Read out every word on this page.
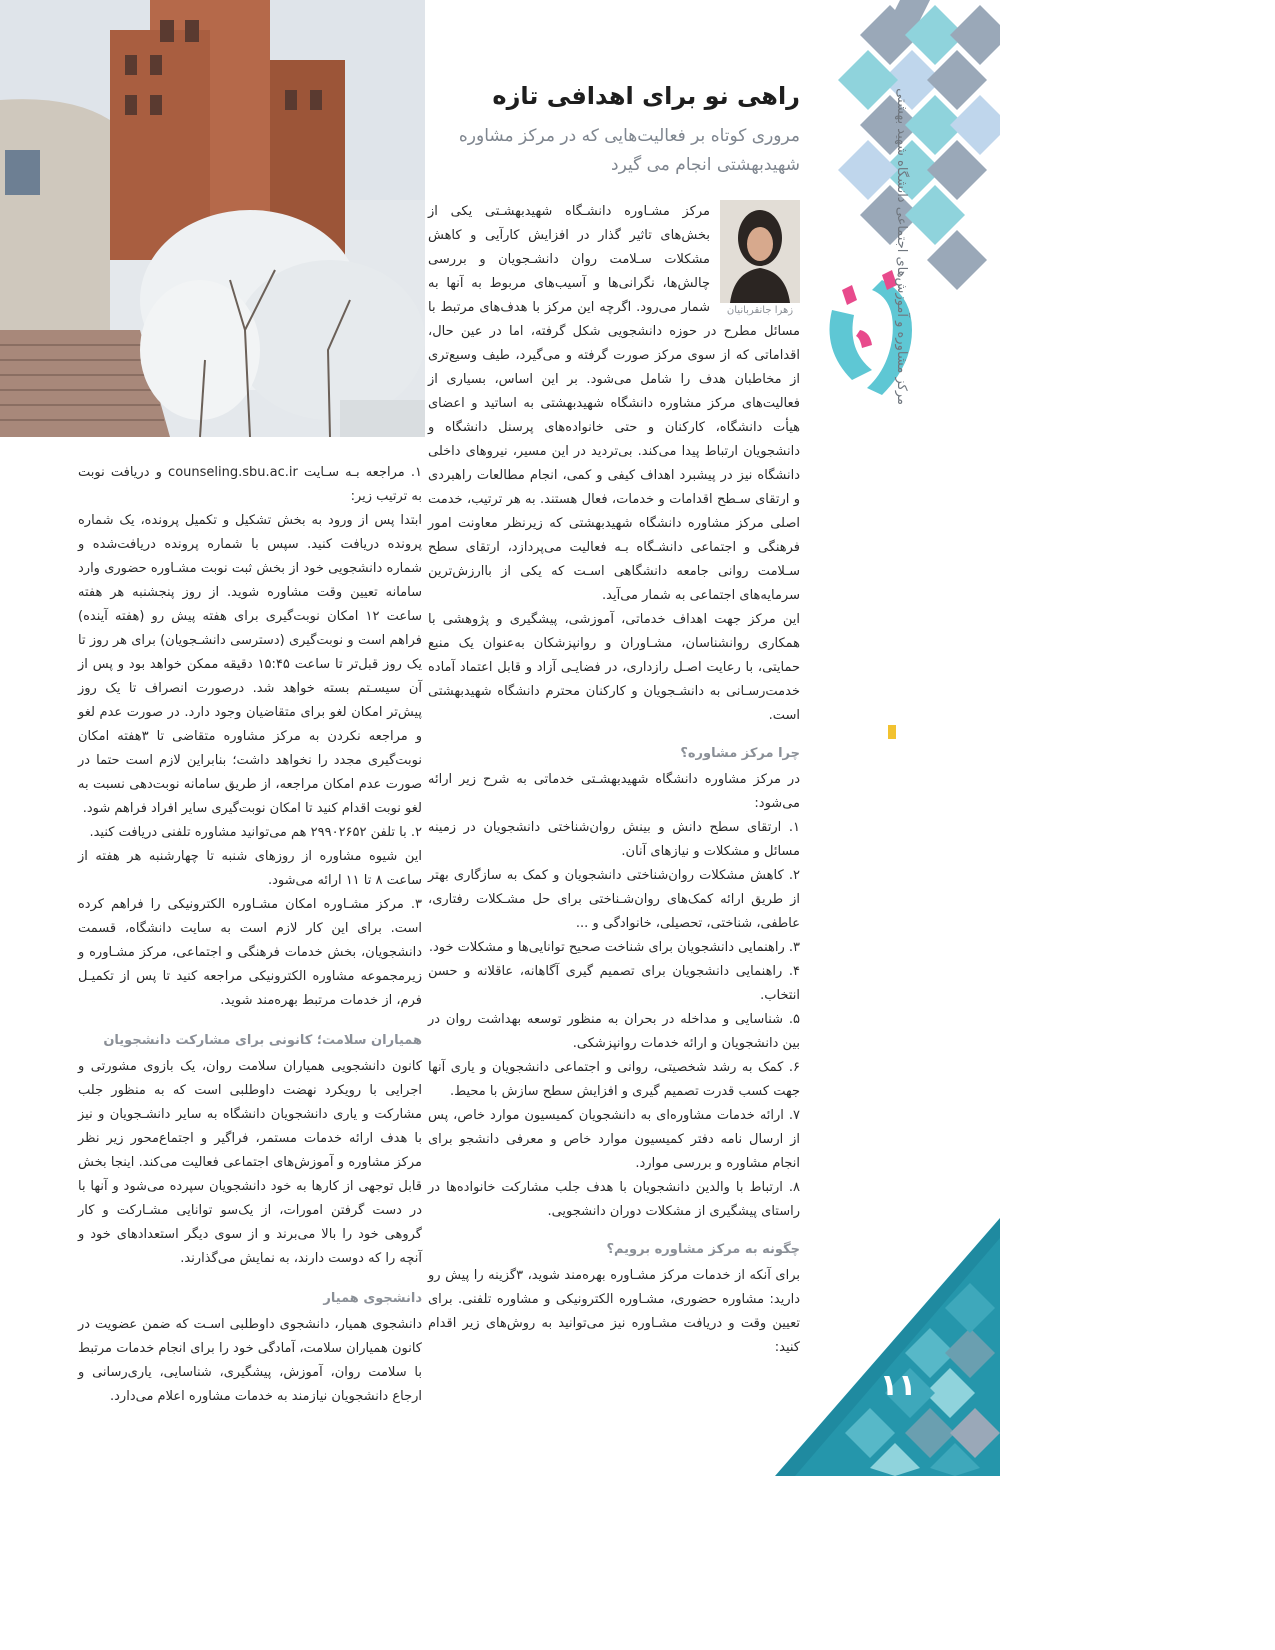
راهی نو برای اهدافی تازه
مروری کوتاه بر فعالیت‌هایی که در مرکز مشاوره
شهیدبهشتی انجام می گیرد
زهرا جانقربانیان

مرکز مشـاوره دانشـگاه شهیدبهشـتی یکی از بخش‌های تاثیر گذار در افزایش کارآیی و کاهش مشکلات سـلامت روان دانشـجویان و بررسی چالش‌ها، نگرانی‌ها و آسیب‌های مربوط به آنها به شمار می‌رود. اگرچه این مرکز با هدف‌های مرتبط با مسائل مطرح در حوزه دانشجویی شکل گرفته، اما در عین حال، اقداماتی که از سوی مرکز صورت گرفته و می‌گیرد، طیف وسیع‌تری از مخاطبان هدف را شامل می‌شود. بر این اساس، بسیاری از فعالیت‌های مرکز مشاوره دانشگاه شهیدبهشتی به اساتید و اعضای هیأت دانشگاه، کارکنان و حتی خانواده‌های پرسنل دانشگاه و دانشجویان ارتباط پیدا می‌کند. بی‌تردید در این مسیر، نیروهای داخلی دانشگاه نیز در پیشبرد اهداف کیفی و کمی، انجام مطالعات راهبردی و ارتقای سـطح اقدامات و خدمات، فعال هستند. به هر ترتیب، خدمت اصلی مرکز مشاوره دانشگاه شهیدبهشتی که زیرنظر معاونت امور فرهنگی و اجتماعی دانشـگاه بـه فعالیت می‌پردازد، ارتقای سطح سـلامت روانی جامعه دانشگاهی اسـت که یکی از باارزش‌ترین سرمایه‌های اجتماعی به شمار می‌آید.

این مرکز جهت اهداف خدماتی، آموزشی، پیشگیری و پژوهشی با همکاری روانشناسان، مشـاوران و روانپزشکان به‌عنوان یک منبع حمایتی، با رعایت اصـل رازداری، در فضایـی آزاد و قابل اعتماد آماده خدمت‌رسـانی به دانشـجویان و کارکنان محترم دانشگاه شهیدبهشتی است.

چرا مرکز مشاوره؟

در مرکز مشاوره دانشگاه شهیدبهشـتی خدماتی به شرح زیر ارائه می‌شود:

۱. ارتقای سطح دانش و بینش روان‌شناختی دانشجویان در زمینه مسائل و مشکلات و نیازهای آنان.

۲. کاهش مشکلات روان‌شناختی دانشجویان و کمک به سازگاری بهتر از طریق ارائه کمک‌های روان‌شـناختی برای حل مشـکلات رفتاری، عاطفی، شناختی، تحصیلی، خانوادگی و ...

۳. راهنمایی دانشجویان برای شناخت صحیح توانایی‌ها و مشکلات خود.

۴. راهنمایی دانشجویان برای تصمیم گیری آگاهانه، عاقلانه و حسن انتخاب.

۵. شناسایی و مداخله در بحران به منظور توسعه بهداشت روان در بین دانشجویان و ارائه خدمات روانپزشکی.

۶. کمک به رشد شخصیتی، روانی و اجتماعی دانشجویان و یاری آنها جهت کسب قدرت تصمیم گیری و افزایش سطح سازش با محیط.

۷. ارائه خدمات مشاوره‌ای به دانشجویان کمیسیون موارد خاص، پس از ارسال نامه دفتر کمیسیون موارد خاص و معرفی دانشجو برای انجام مشاوره و بررسی موارد.

۸. ارتباط با والدین دانشجویان با هدف جلب مشارکت خانواده‌ها در راستای پیشگیری از مشکلات دوران دانشجویی.

چگونه به مرکز مشاوره برویم؟

برای آنکه از خدمات مرکز مشـاوره بهره‌مند شوید، ۳گزینه را پیش رو دارید: مشاوره حضوری، مشـاوره الکترونیکی و مشاوره تلفنی. برای تعیین وقت و دریافت مشـاوره نیز می‌توانید به روش‌های زیر اقدام کنید:

۱. مراجعه بـه سـایت counseling.sbu.ac.ir و دریافت نوبت به ترتیب زیر:

ابتدا پس از ورود به بخش تشکیل و تکمیل پرونده، یک شماره پرونده دریافت کنید. سپس با شماره پرونده دریافت‌شده و شماره دانشجویی خود از بخش ثبت نوبت مشـاوره حضوری وارد سامانه تعیین وقت مشاوره شوید. از روز پنجشنبه هر هفته ساعت ۱۲ امکان نوبت‌گیری برای هفته پیش رو (هفته آینده) فراهم است و نوبت‌گیری (دسترسی دانشـجویان) برای هر روز تا یک روز قبل‌تر تا ساعت ۱۵:۴۵ دقیقه ممکن خواهد بود و پس از آن سیسـتم بسته خواهد شد. درصورت انصراف تا یک روز پیش‌تر امکان لغو برای متقاضیان وجود دارد. در صورت عدم لغو و مراجعه نکردن به مرکز مشاوره متقاضی تا ۳هفته امکان نوبت‌گیری مجدد را نخواهد داشت؛ بنابراین لازم است حتما در صورت عدم امکان مراجعه، از طریق سامانه نوبت‌دهی نسبت به لغو نوبت اقدام کنید تا امکان نوبت‌گیری سایر افراد فراهم شود.

۲. با تلفن ۲۹۹۰۲۶۵۲ هم می‌توانید مشاوره تلفنی دریافت کنید.

این شیوه مشاوره از روزهای شنبه تا چهارشنبه هر هفته از ساعت ۸ تا ۱۱ ارائه می‌شود.

۳. مرکز مشـاوره امکان مشـاوره الکترونیکی را فراهم کرده است. برای این کار لازم است به سایت دانشگاه، قسمت دانشجویان، بخش خدمات فرهنگی و اجتماعی، مرکز مشـاوره و زیرمجموعه مشاوره الکترونیکی مراجعه کنید تا پس از تکمیـل فرم، از خدمات مرتبط بهره‌مند شوید.

همیاران سلامت؛ کانونی برای مشارکت دانشجویان

کانون دانشجویی همیاران سلامت روان، یک بازوی مشورتی و اجرایی با رویکرد نهضت داوطلبی است که به منظور جلب مشارکت و یاری دانشجویان دانشگاه به سایر دانشـجویان و نیز با هدف ارائه خدمات مستمر، فراگیر و اجتماع‌محور زیر نظر مرکز مشاوره و آموزش‌های اجتماعی فعالیت می‌کند. اینجا بخش قابل توجهی از کارها به خود دانشجویان سپرده می‌شود و آنها با در دست گرفتن امورات، از یک‌سو توانایی مشـارکت و کار گروهی خود را بالا می‌برند و از سوی دیگر استعدادهای خود و آنچه را که دوست دارند، به نمایش می‌گذارند.

دانشجوی همیار

دانشجوی همیار، دانشجوی داوطلبی اسـت که ضمن عضویت در کانون همیاران سلامت، آمادگی خود را برای انجام خدمات مرتبط با سلامت روان، آموزش، پیشگیری، شناسایی، یاری‌رسانی و ارجاع دانشجویان نیازمند به خدمات مشاوره اعلام می‌دارد.

مرکز مشاوره و آموزش‌های اجتماعی دانشگاه شهید بهشتی
۱۱
